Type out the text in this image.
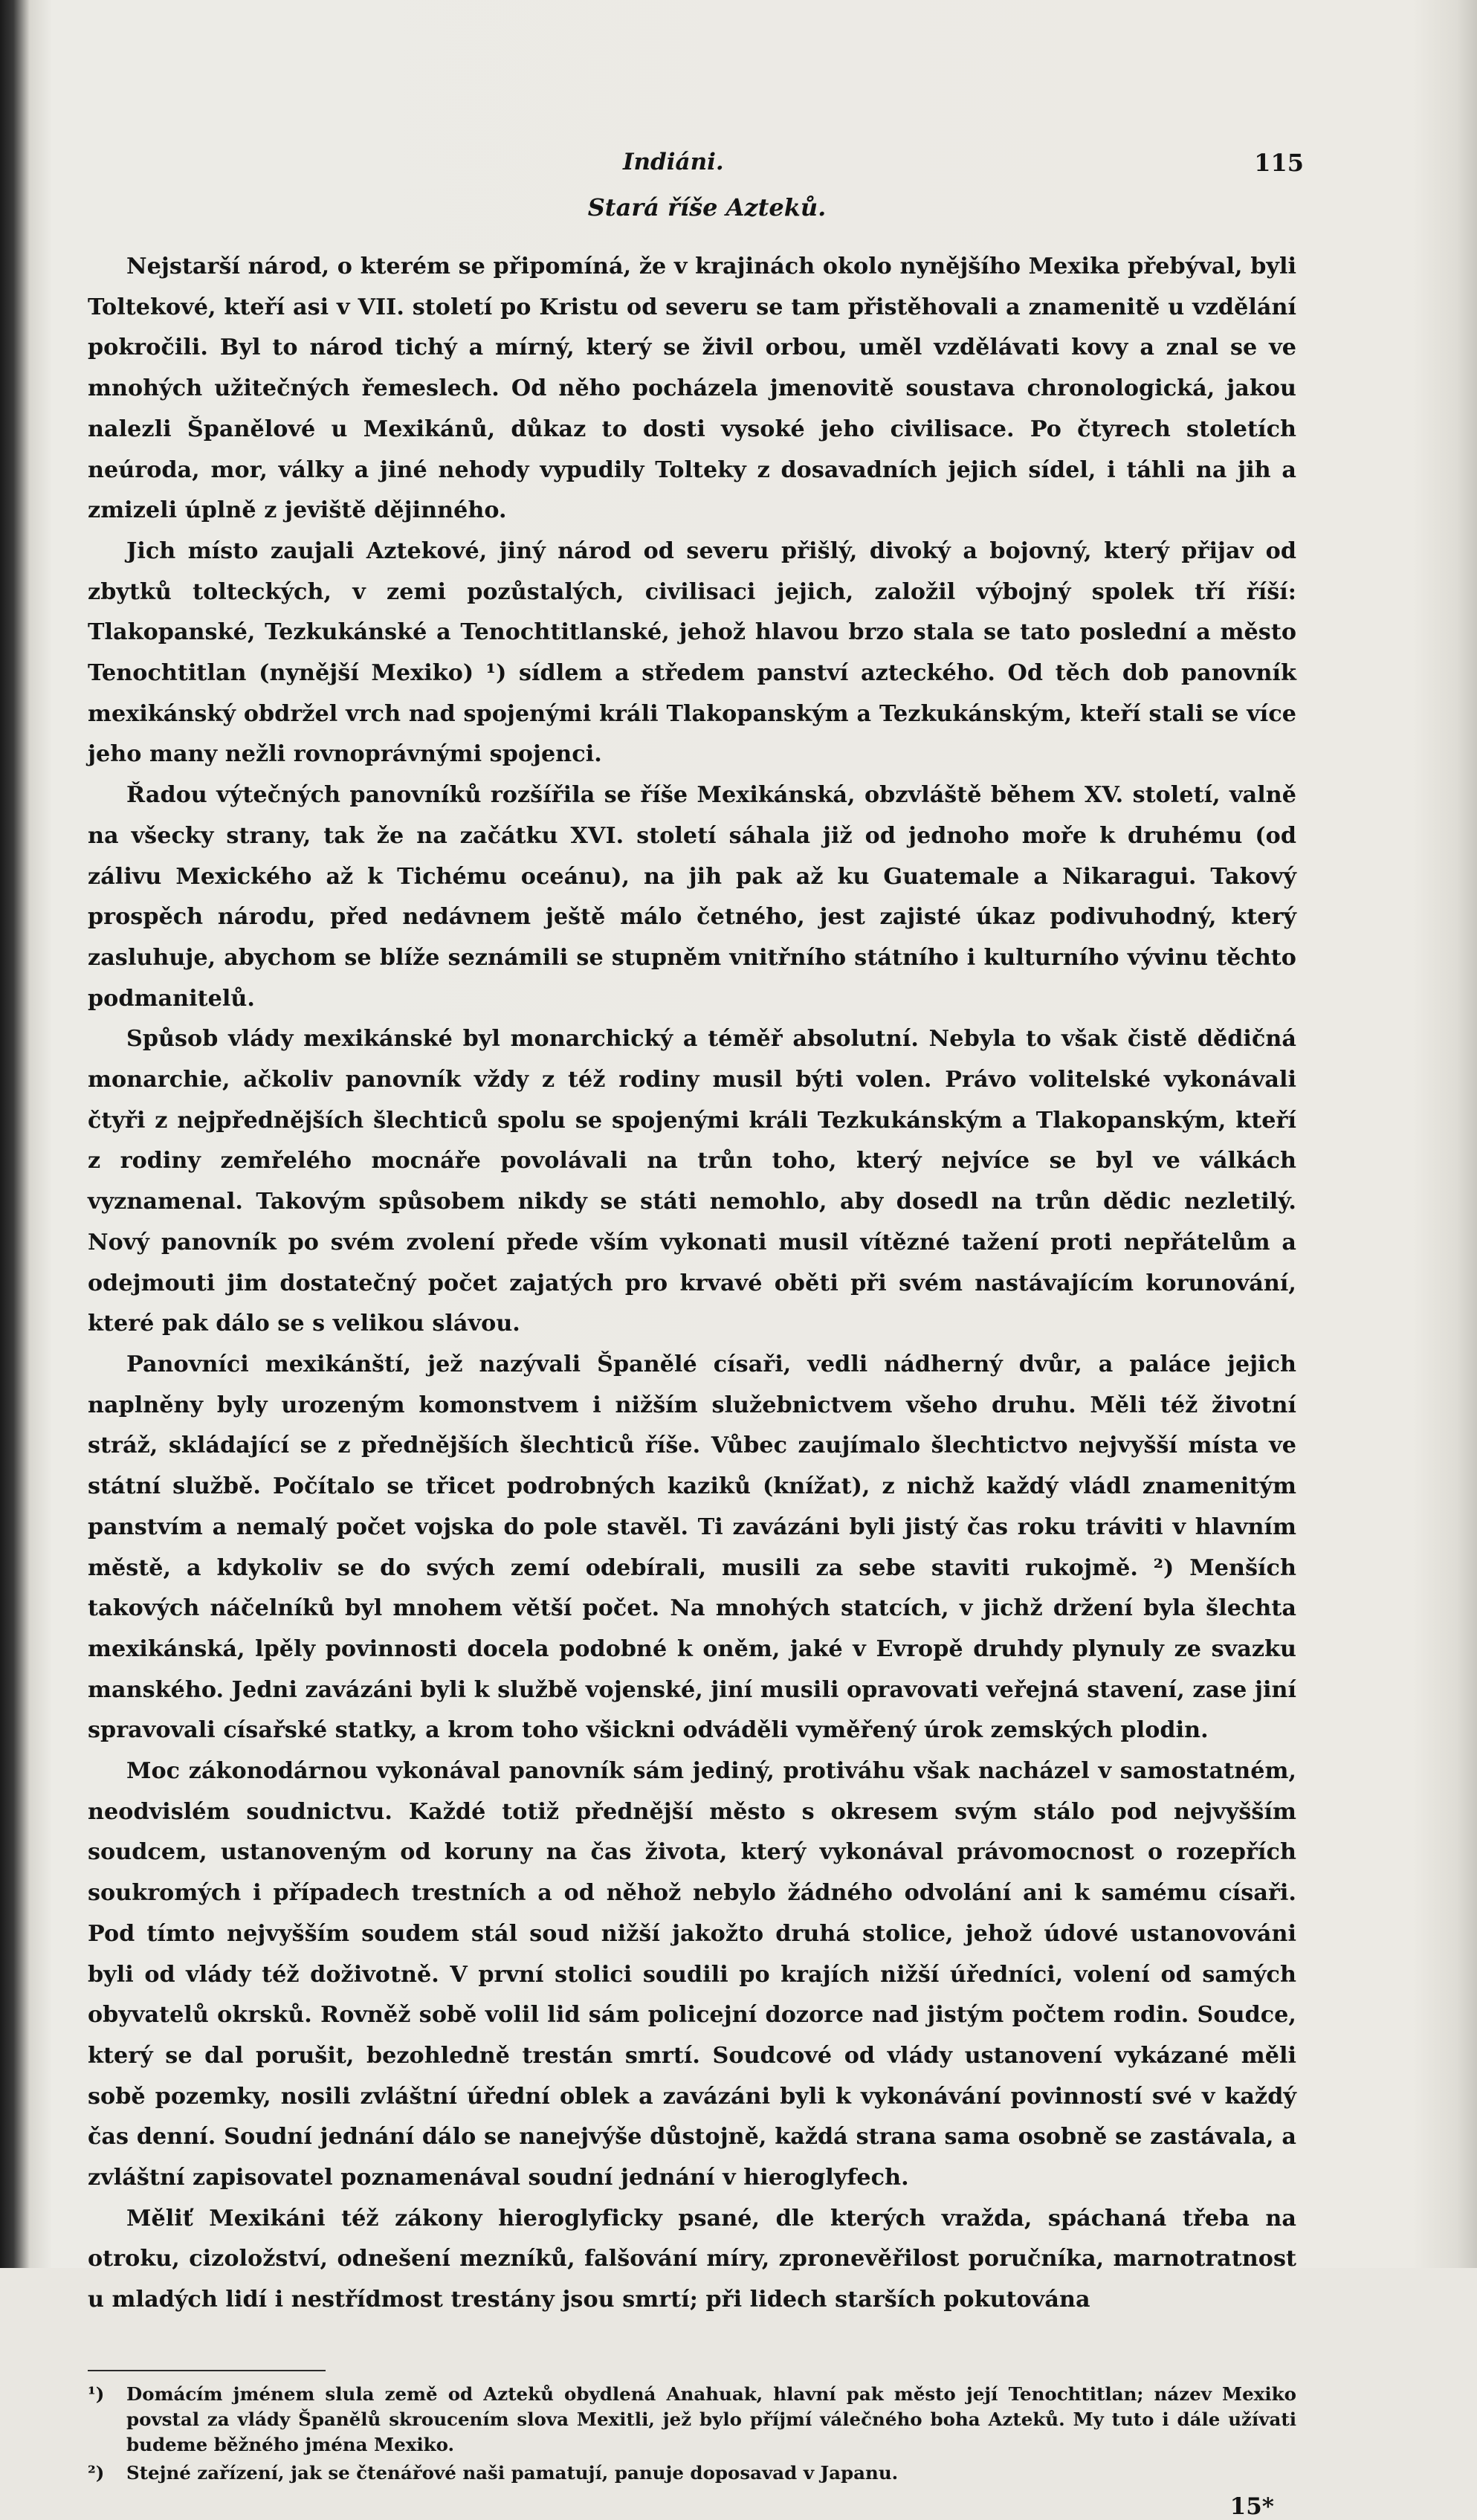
Indiáni.	115
Stará říše Azteků.

Nejstarší národ, o kterém se připomíná, že v krajinách okolo nynějšího Mexika přebýval, byli Toltekové, kteří asi v VII. století po Kristu od severu se tam přistěhovali a znamenitě u vzdělání pokročili. Byl to národ tichý a mírný, který se živil orbou, uměl vzdělávati kovy a znal se ve mnohých užitečných řemeslech. Od něho pocházela jmenovitě soustava chronologická, jakou nalezli Španělové u Mexikánů, důkaz to dosti vysoké jeho civilisace. Po čtyrech stoletích neúroda, mor, války a jiné nehody vypudily Tolteky z dosavadních jejich sídel, i táhli na jih a zmizeli úplně z jeviště dějinného.

Jich místo zaujali Aztekové, jiný národ od severu přišlý, divoký a bojovný, který přijav od zbytků tolteckých, v zemi pozůstalých, civilisaci jejich, založil výbojný spolek tří říší: Tlakopanské, Tezkukánské a Tenochtitlanské, jehož hlavou brzo stala se tato poslední a město Tenochtitlan (nynější Mexiko) ¹) sídlem a středem panství azteckého. Od těch dob panovník mexikánský obdržel vrch nad spojenými králi Tlakopanským a Tezkukánským, kteří stali se více jeho many nežli rovnoprávnými spojenci.

Řadou výtečných panovníků rozšířila se říše Mexikánská, obzvláště během XV. století, valně na všecky strany, tak že na začátku XVI. století sáhala již od jednoho moře k druhému (od zálivu Mexického až k Tichému oceánu), na jih pak až ku Guatemale a Nikaragui. Takový prospěch národu, před nedávnem ještě málo četného, jest zajisté úkaz podivuhodný, který zasluhuje, abychom se blíže seznámili se stupněm vnitřního státního i kulturního vývinu těchto podmanitelů.

Spůsob vlády mexikánské byl monarchický a téměř absolutní. Nebyla to však čistě dědičná monarchie, ačkoliv panovník vždy z též rodiny musil býti volen. Právo volitelské vykonávali čtyři z nejpřednějších šlechticů spolu se spojenými králi Tezkukánským a Tlakopanským, kteří z rodiny zemřelého mocnáře povolávali na trůn toho, který nejvíce se byl ve válkách vyznamenal. Takovým spůsobem nikdy se státi nemohlo, aby dosedl na trůn dědic nezletilý. Nový panovník po svém zvolení přede vším vykonati musil vítězné tažení proti nepřátelům a odejmouti jim dostatečný počet zajatých pro krvavé oběti při svém nastávajícím korunování, které pak dálo se s velikou slávou.

Panovníci mexikánští, jež nazývali Španělé císaři, vedli nádherný dvůr, a paláce jejich naplněny byly urozeným komonstvem i nižším služebnictvem všeho druhu. Měli též životní stráž, skládající se z přednějších šlechticů říše. Vůbec zaujímalo šlechtictvo nejvyšší místa ve státní službě. Počítalo se třicet podrobných kaziků (knížat), z nichž každý vládl znamenitým panstvím a nemalý počet vojska do pole stavěl. Ti zavázáni byli jistý čas roku tráviti v hlavním městě, a kdykoliv se do svých zemí odebírali, musili za sebe staviti rukojmě. ²) Menších takových náčelníků byl mnohem větší počet. Na mnohých statcích, v jichž držení byla šlechta mexikánská, lpěly povinnosti docela podobné k oněm, jaké v Evropě druhdy plynuly ze svazku manského. Jedni zavázáni byli k službě vojenské, jiní musili opravovati veřejná stavení, zase jiní spravovali císařské statky, a krom toho všickni odváděli vyměřený úrok zemských plodin.

Moc zákonodárnou vykonával panovník sám jediný, protiváhu však nacházel v samostatném, neodvislém soudnictvu. Každé totiž přednější město s okresem svým stálo pod nejvyšším soudcem, ustanoveným od koruny na čas života, který vykonával právomocnost o rozepřích soukromých i případech trestních a od něhož nebylo žádného odvolání ani k samému císaři. Pod tímto nejvyšším soudem stál soud nižší jakožto druhá stolice, jehož údové ustanovováni byli od vlády též doživotně. V první stolici soudili po krajích nižší úředníci, volení od samých obyvatelů okrsků. Rovněž sobě volil lid sám policejní dozorce nad jistým počtem rodin. Soudce, který se dal porušit, bezohledně trestán smrtí. Soudcové od vlády ustanovení vykázané měli sobě pozemky, nosili zvláštní úřední oblek a zavázáni byli k vykonávání povinností své v každý čas denní. Soudní jednání dálo se nanejvýše důstojně, každá strana sama osobně se zastávala, a zvláštní zapisovatel poznamenával soudní jednání v hieroglyfech.

Měliť Mexikáni též zákony hieroglyficky psané, dle kterých vražda, spáchaná třeba na otroku, cizoložství, odnešení mezníků, falšování míry, zpronevěřilost poručníka, marnotratnost u mladých lidí i nestřídmost trestány jsou smrtí; při lidech starších pokutována

¹) Domácím jménem slula země od Azteků obydlená Anahuak, hlavní pak město její Tenochtitlan; název Mexiko povstal za vlády Španělů skroucením slova Mexitli, jež bylo příjmí válečného boha Azteků. My tuto i dále užívati budeme běžného jména Mexiko.
²) Stejné zařízení, jak se čtenářové naši pamatují, panuje doposavad v Japanu.
15*
